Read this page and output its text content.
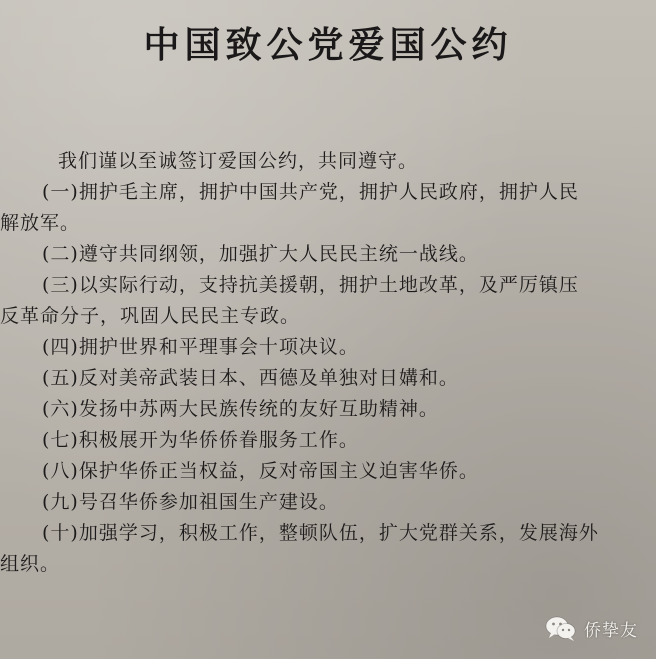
中国致公党爱国公约
我们谨以至诚签订爱国公约，共同遵守。
(一)拥护毛主席，拥护中国共产党，拥护人民政府，拥护人民
解放军。
(二)遵守共同纲领，加强扩大人民民主统一战线。
(三)以实际行动，支持抗美援朝，拥护土地改革，及严厉镇压
反革命分子，巩固人民民主专政。
(四)拥护世界和平理事会十项决议。
(五)反对美帝武装日本、西德及单独对日媾和。
(六)发扬中苏两大民族传统的友好互助精神。
(七)积极展开为华侨侨眷服务工作。
(八)保护华侨正当权益，反对帝国主义迫害华侨。
(九)号召华侨参加祖国生产建设。
(十)加强学习，积极工作，整顿队伍，扩大党群关系，发展海外
组织。
侨挚友
